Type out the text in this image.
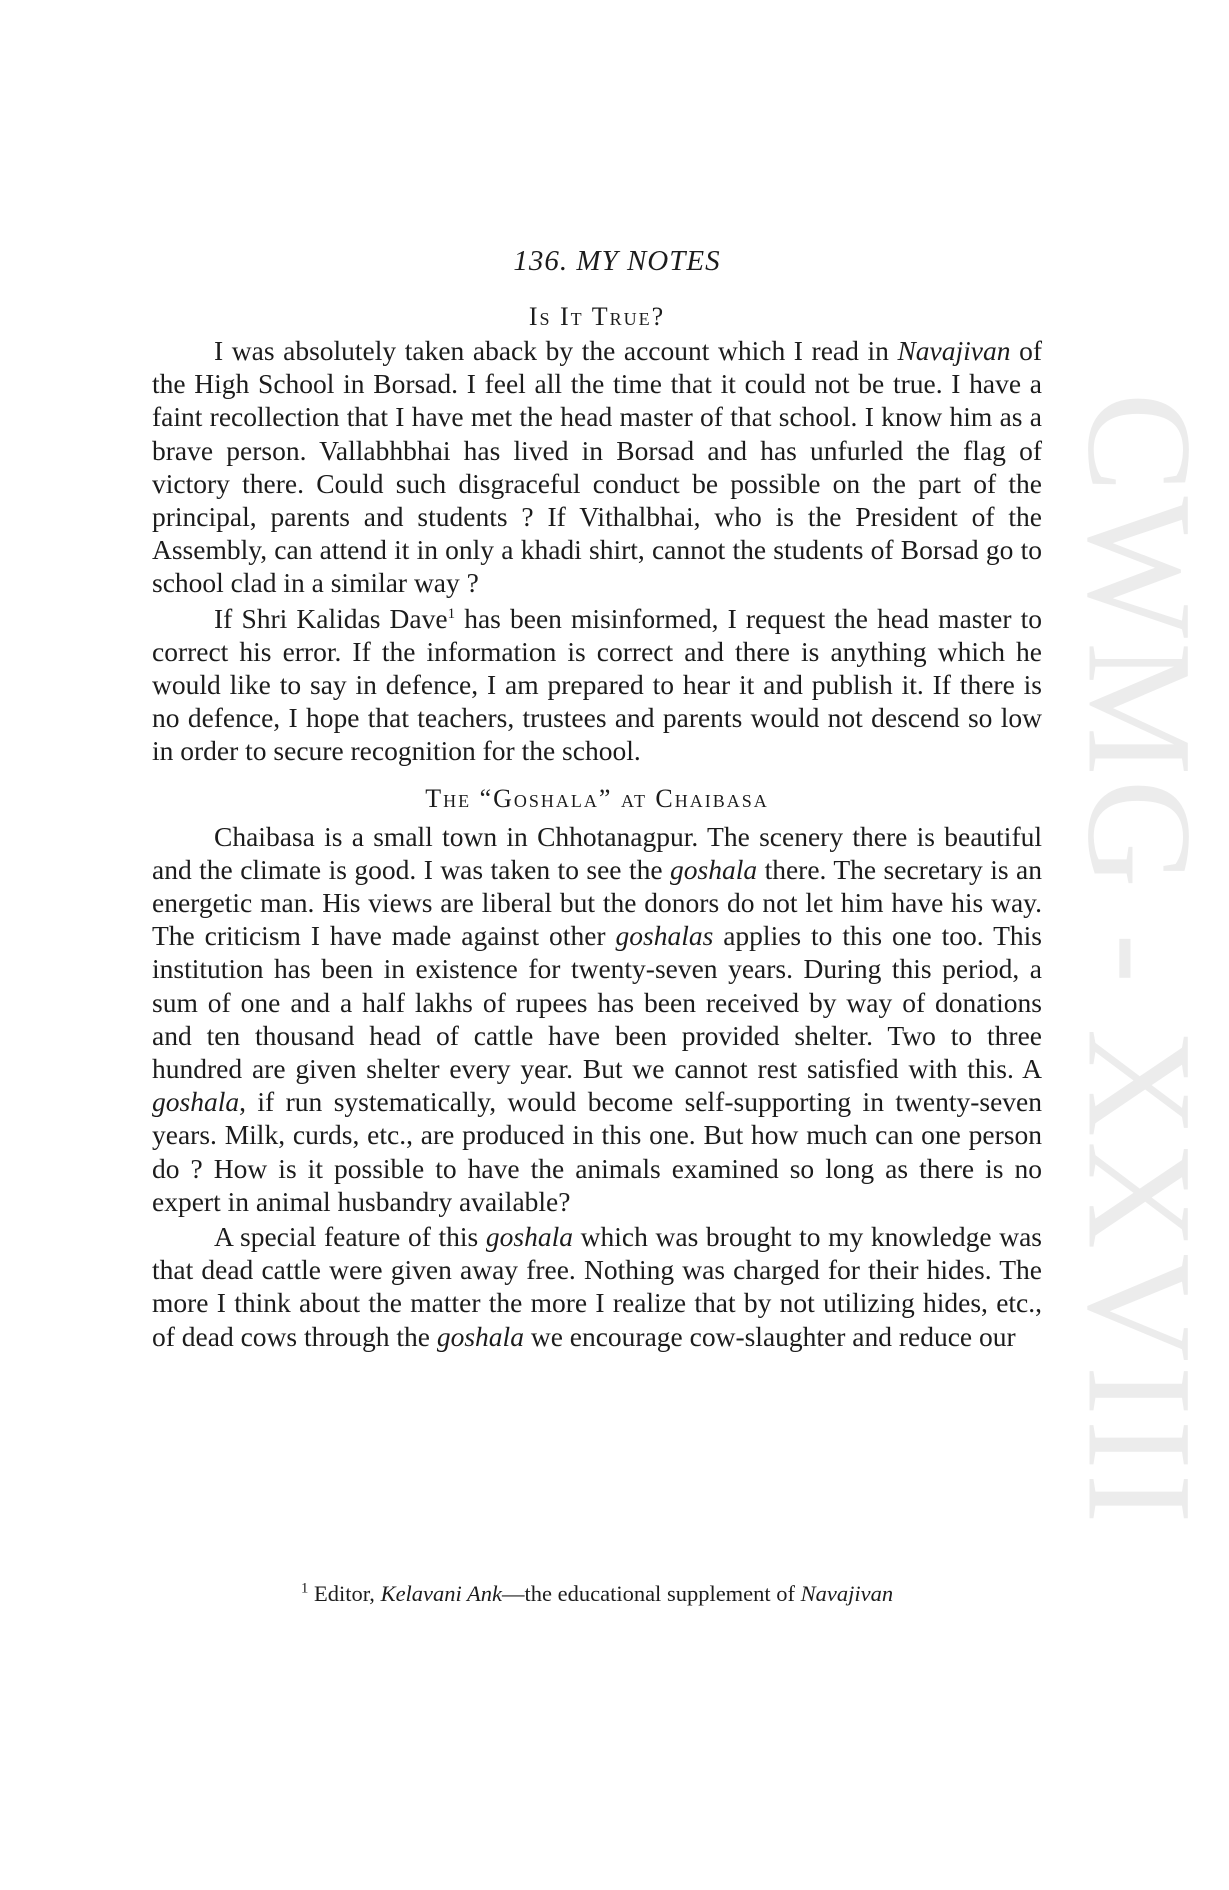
CWMG - XXVIII
136. MY NOTES
Is It True?

I was absolutely taken aback by the account which I read in Navajivan of the High School in Borsad. I feel all the time that it could not be true. I have a faint recollection that I have met the head master of that school. I know him as a brave person. Vallabhbhai has lived in Borsad and has unfurled the flag of victory there. Could such disgraceful conduct be possible on the part of the principal, parents and students ? If Vithalbhai, who is the President of the Assembly, can attend it in only a khadi shirt, cannot the students of Borsad go to school clad in a similar way ?

If Shri Kalidas Dave$^1$ has been misinformed, I request the head master to correct his error. If the information is correct and there is anything which he would like to say in defence, I am prepared to hear it and publish it. If there is no defence, I hope that teachers, trustees and parents would not descend so low in order to secure recognition for the school.

The “Goshala” at Chaibasa

Chaibasa is a small town in Chhotanagpur. The scenery there is beautiful and the climate is good. I was taken to see the goshala there. The secretary is an energetic man. His views are liberal but the donors do not let him have his way. The criticism I have made against other goshalas applies to this one too. This institution has been in existence for twenty-seven years. During this period, a sum of one and a half lakhs of rupees has been received by way of donations and ten thousand head of cattle have been provided shelter. Two to three hundred are given shelter every year. But we cannot rest satisfied with this. A goshala, if run systematically, would become self-supporting in twenty-seven years. Milk, curds, etc., are produced in this one. But how much can one person do ? How is it possible to have the animals examined so long as there is no expert in animal husbandry available?

A special feature of this goshala which was brought to my knowledge was that dead cattle were given away free. Nothing was charged for their hides. The more I think about the matter the more I realize that by not utilizing hides, etc., of dead cows through the goshala we encourage cow-slaughter and reduce our

$^1$ Editor, Kelavani Ank—the educational supplement of Navajivan
